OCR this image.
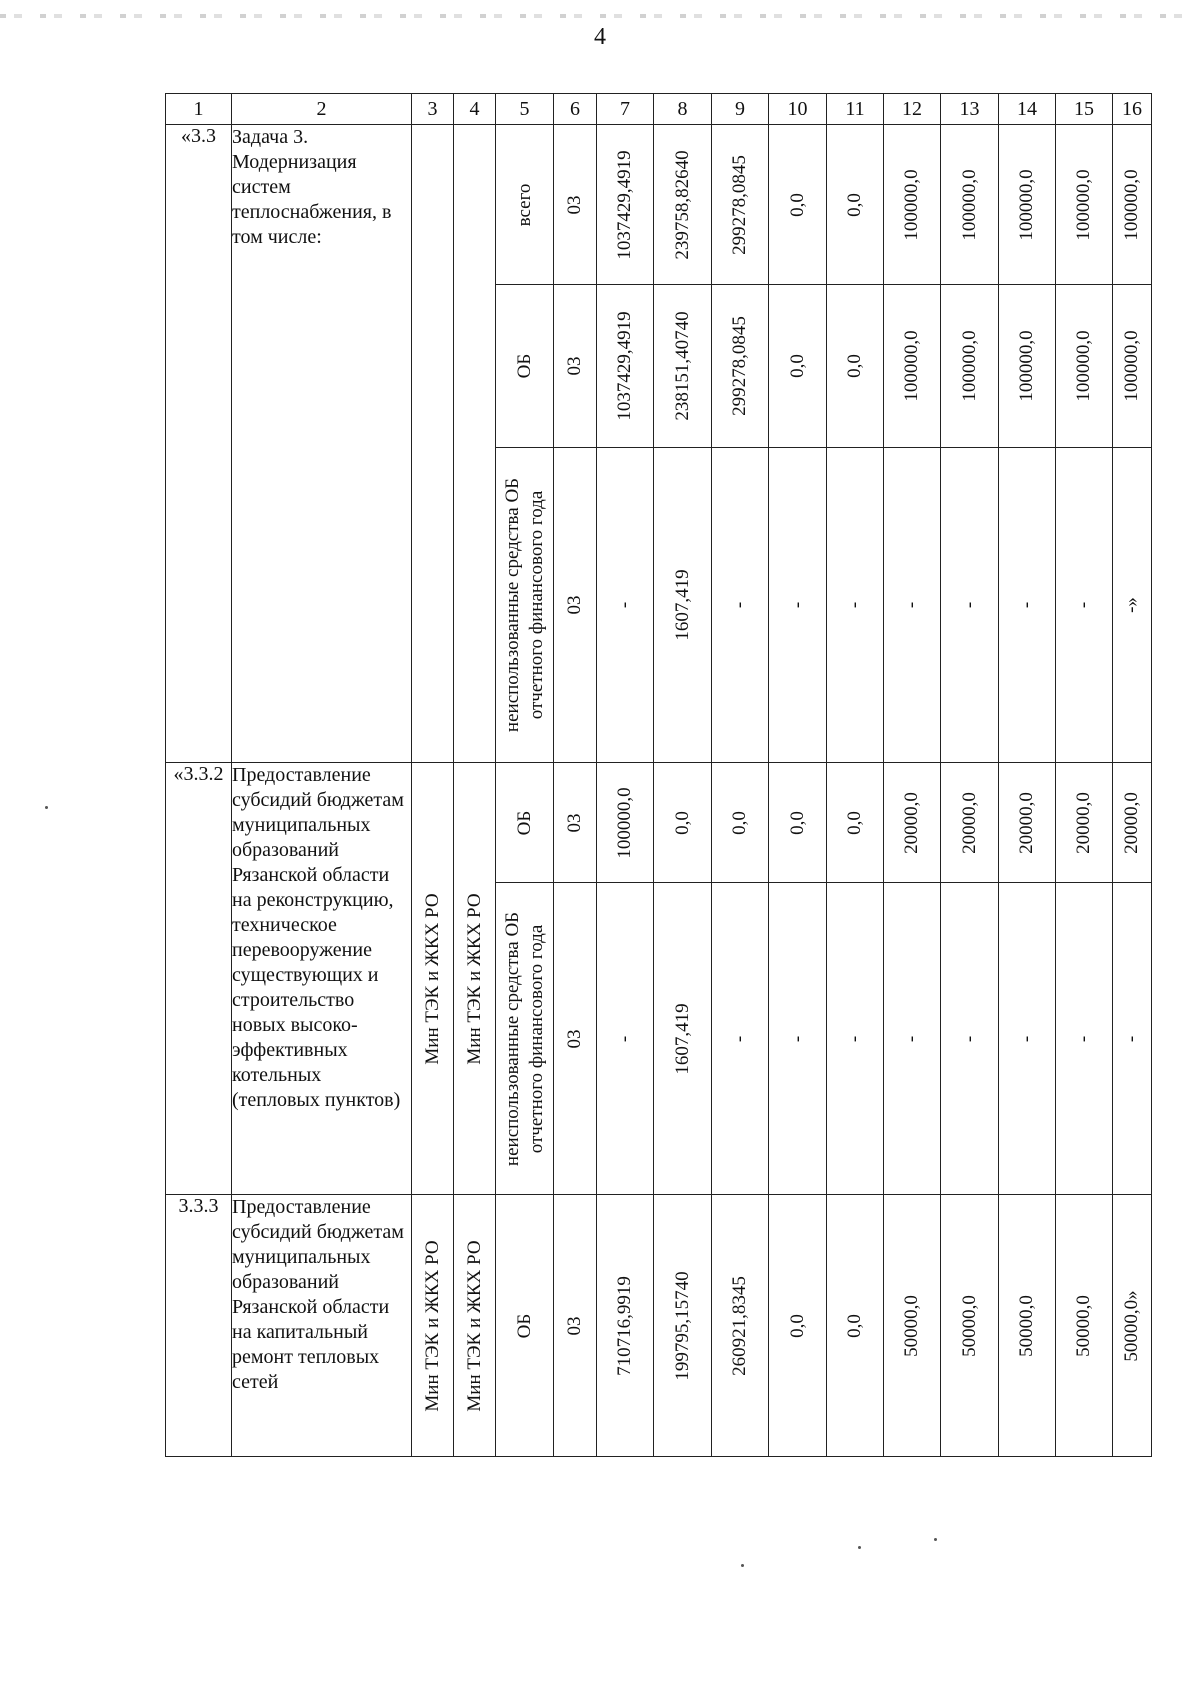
4
1	2	3	4	5	6	7	8	9	10	11	12	13	14	15	16
«3.3	Задача 3. Модернизация систем теплоснабжения, в том числе:			всего	03	1037429,4919	239758,82640	299278,0845	0,0	0,0	100000,0	100000,0	100000,0	100000,0	100000,0

				ОБ	03	1037429,4919	238151,40740	299278,0845	0,0	0,0	100000,0	100000,0	100000,0	100000,0	100000,0

				неиспользованные средства ОБ
отчетного финансового года	03	-	1607,419	-	-	-	-	-	-	-	-»

«3.3.2	Предоставление субсидий бюджетам муниципальных образований Рязанской области на реконструкцию, техническое перевооружение существующих и строительство новых высоко-эффективных котельных (тепловых пунктов)	Мин ТЭК и ЖКХ РО	Мин ТЭК и ЖКХ РО	ОБ	03	100000,0	0,0	0,0	0,0	0,0	20000,0	20000,0	20000,0	20000,0	20000,0

				неиспользованные средства ОБ
отчетного финансового года	03	-	1607,419	-	-	-	-	-	-	-	-

3.3.3	Предоставление субсидий бюджетам муниципальных образований Рязанской области на капитальный ремонт тепловых сетей	Мин ТЭК и ЖКХ РО	Мин ТЭК и ЖКХ РО	ОБ	03	710716,9919	199795,15740	260921,8345	0,0	0,0	50000,0	50000,0	50000,0	50000,0	50000,0»
